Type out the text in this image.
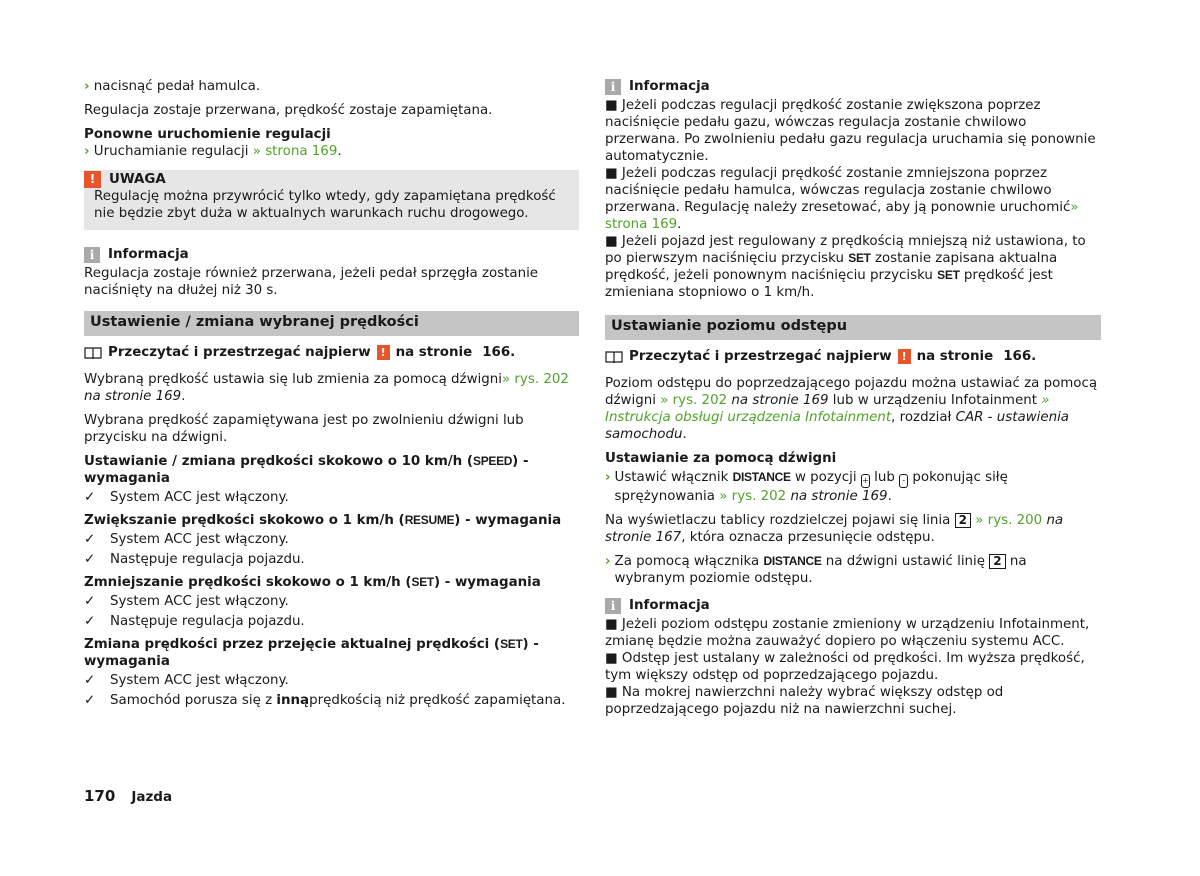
› nacisnąć pedał hamulca.

Regulacja zostaje przerwana, prędkość zostaje zapamiętana.

Ponowne uruchomienie regulacji

› Uruchamianie regulacji » strona 169.

!	UWAGA
Regulację można przywrócić tylko wtedy, gdy zapamiętana prędkość nie będzie zbyt duża w aktualnych warunkach ruchu drogowego.
i	Informacja

Regulacja zostaje również przerwana, jeżeli pedał sprzęgła zostanie naciśnięty na dłużej niż 30 s.

Ustawienie / zmiana wybranej prędkości
Przeczytać i przestrzegać najpierw ! na stronie 166.

Wybraną prędkość ustawia się lub zmienia za pomocą dźwigni» rys. 202 na stronie 169.

Wybrana prędkość zapamiętywana jest po zwolnieniu dźwigni lub przycisku na dźwigni.

Ustawianie / zmiana prędkości skokowo o 10 km/h (SPEED) - wymagania
✓ System ACC jest włączony.
Zwiększanie prędkości skokowo o 1 km/h (RESUME) - wymagania
✓ System ACC jest włączony.
✓ Następuje regulacja pojazdu.
Zmniejszanie prędkości skokowo o 1 km/h (SET) - wymagania
✓ System ACC jest włączony.
✓ Następuje regulacja pojazdu.
Zmiana prędkości przez przejęcie aktualnej prędkości (SET) - wymagania
✓ System ACC jest włączony.
✓ Samochód porusza się z innąprędkością niż prędkość zapamiętana.
i	Informacja
■ Jeżeli podczas regulacji prędkość zostanie zwiększona poprzez naciśnięcie pedału gazu, wówczas regulacja zostanie chwilowo przerwana. Po zwolnieniu pedału gazu regulacja uruchamia się ponownie automatycznie.
■ Jeżeli podczas regulacji prędkość zostanie zmniejszona poprzez naciśnięcie pedału hamulca, wówczas regulacja zostanie chwilowo przerwana. Regulację należy zresetować, aby ją ponownie uruchomić» strona 169.
■ Jeżeli pojazd jest regulowany z prędkością mniejszą niż ustawiona, to po pierwszym naciśnięciu przycisku SET zostanie zapisana aktualna prędkość, jeżeli ponownym naciśnięciu przycisku SET prędkość jest zmieniana stopniowo o 1 km/h.
Ustawianie poziomu odstępu
Przeczytać i przestrzegać najpierw ! na stronie 166.

Poziom odstępu do poprzedzającego pojazdu można ustawiać za pomocą dźwigni » rys. 202 na stronie 169 lub w urządzeniu Infotainment » Instrukcja obsługi urządzenia Infotainment, rozdział CAR - ustawienia samochodu.

Ustawianie za pomocą dźwigni

› Ustawić włącznik DISTANCE w pozycji + lub - pokonując siłę sprężynowania » rys. 202 na stronie 169.

Na wyświetlaczu tablicy rozdzielczej pojawi się linia 2 » rys. 200 na stronie 167, która oznacza przesunięcie odstępu.

› Za pomocą włącznika DISTANCE na dźwigni ustawić linię 2 na wybranym poziomie odstępu.

i	Informacja
■ Jeżeli poziom odstępu zostanie zmieniony w urządzeniu Infotainment, zmianę będzie można zauważyć dopiero po włączeniu systemu ACC.
■ Odstęp jest ustalany w zależności od prędkości. Im wyższa prędkość, tym większy odstęp od poprzedzającego pojazdu.
■ Na mokrej nawierzchni należy wybrać większy odstęp od poprzedzającego pojazdu niż na nawierzchni suchej.
170 Jazda
